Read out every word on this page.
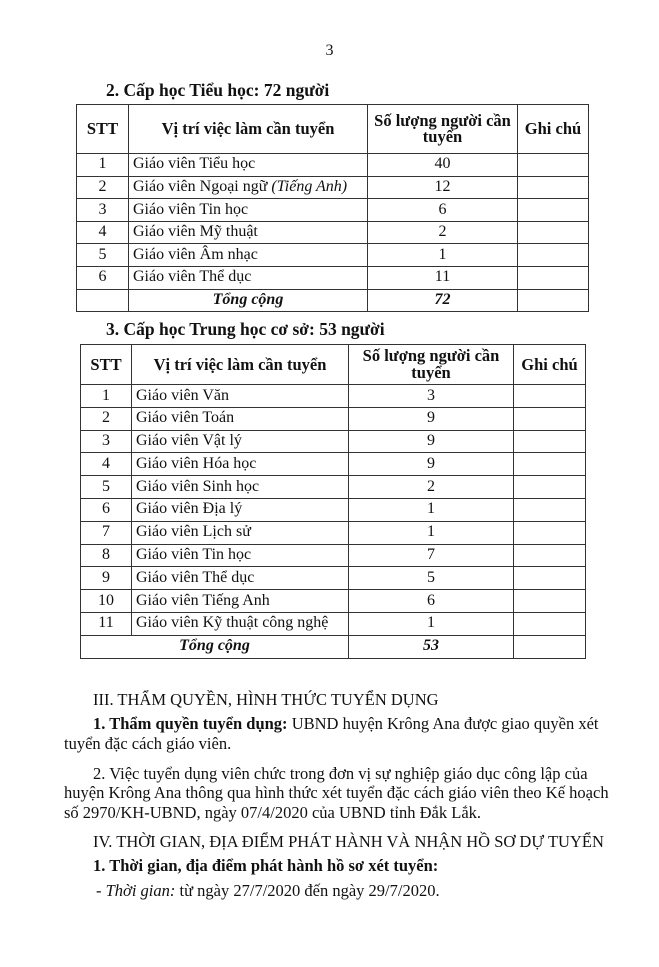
3
2. Cấp học Tiểu học: 72 người
STT	Vị trí việc làm cần tuyển	Số lượng người cần tuyển	Ghi chú
1	Giáo viên Tiểu học	40	
2	Giáo viên Ngoại ngữ (Tiếng Anh)	12	
3	Giáo viên Tin học	6	
4	Giáo viên Mỹ thuật	2	
5	Giáo viên Âm nhạc	1	
6	Giáo viên Thể dục	11	
	Tổng cộng	72	
3. Cấp học Trung học cơ sở: 53 người
STT	Vị trí việc làm cần tuyển	Số lượng người cần tuyển	Ghi chú
1	Giáo viên Văn	3	
2	Giáo viên Toán	9	
3	Giáo viên Vật lý	9	
4	Giáo viên Hóa học	9	
5	Giáo viên Sinh học	2	
6	Giáo viên Địa lý	1	
7	Giáo viên Lịch sử	1	
8	Giáo viên Tin học	7	
9	Giáo viên Thể dục	5	
10	Giáo viên Tiếng Anh	6	
11	Giáo viên Kỹ thuật công nghệ	1	
Tổng cộng		53	
III. THẨM QUYỀN, HÌNH THỨC TUYỂN DỤNG
1. Thẩm quyền tuyển dụng: UBND huyện Krông Ana được giao quyền xét
tuyển đặc cách giáo viên.
2. Việc tuyển dụng viên chức trong đơn vị sự nghiệp giáo dục công lập của
huyện Krông Ana thông qua hình thức xét tuyển đặc cách giáo viên theo Kế hoạch
số 2970/KH-UBND, ngày 07/4/2020 của UBND tỉnh Đắk Lắk.
IV. THỜI GIAN, ĐỊA ĐIỂM PHÁT HÀNH VÀ NHẬN HỒ SƠ DỰ TUYỂN
1. Thời gian, địa điểm phát hành hồ sơ xét tuyển:
- Thời gian: từ ngày 27/7/2020 đến ngày 29/7/2020.
